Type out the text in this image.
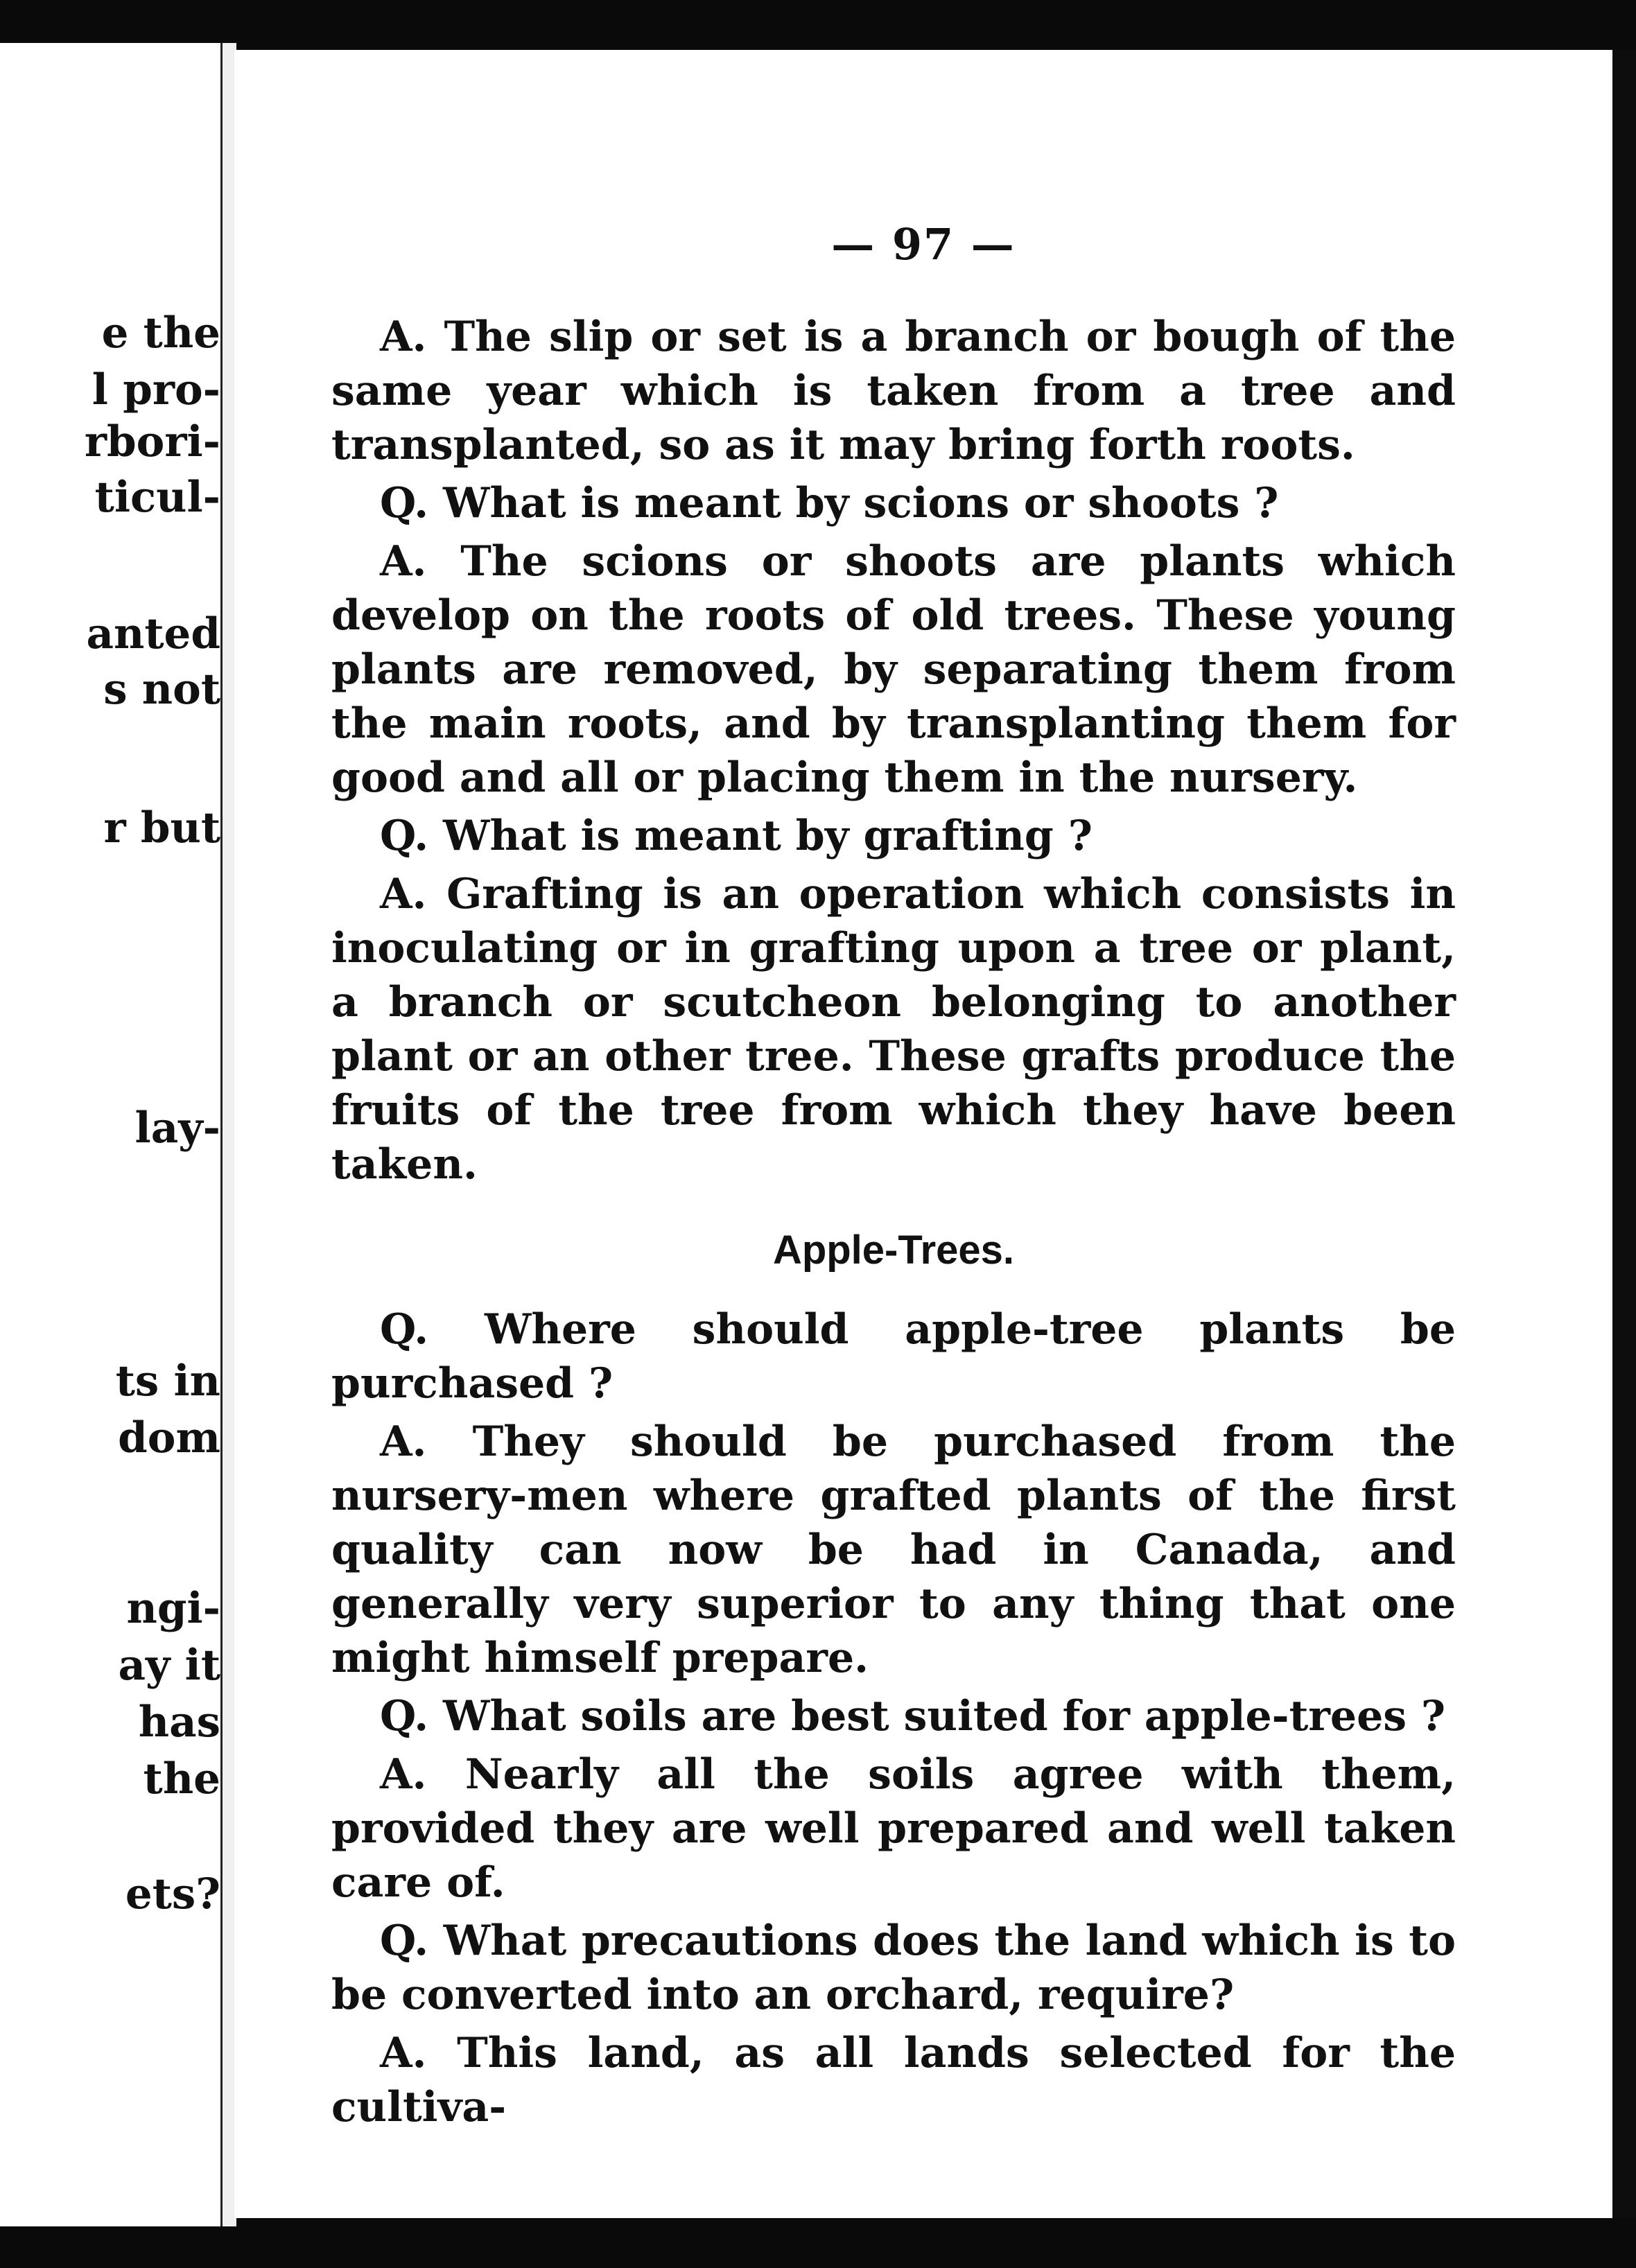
e the
l pro-
rbori-
ticul-
anted
s not
r but
lay-
ts in
dom
ngi-
ay it
has
the
ets?
— 97 —

A. The slip or set is a branch or bough of the same year which is taken from a tree and transplanted, so as it may bring forth roots.

Q. What is meant by scions or shoots ?

A. The scions or shoots are plants which develop on the roots of old trees. These young plants are removed, by separating them from the main roots, and by transplanting them for good and all or placing them in the nursery.

Q. What is meant by grafting ?

A. Grafting is an operation which consists in inoculating or in grafting upon a tree or plant, a branch or scutcheon belonging to another plant or an other tree. These grafts produce the fruits of the tree from which they have been taken.

Apple-Trees.

Q. Where should apple-tree plants be purchased ?

A. They should be purchased from the nursery-men where grafted plants of the first quality can now be had in Canada, and generally very superior to any thing that one might himself prepare.

Q. What soils are best suited for apple-trees ?

A. Nearly all the soils agree with them, provided they are well prepared and well taken care of.

Q. What precautions does the land which is to be converted into an orchard, require?

A. This land, as all lands selected for the cultiva-
